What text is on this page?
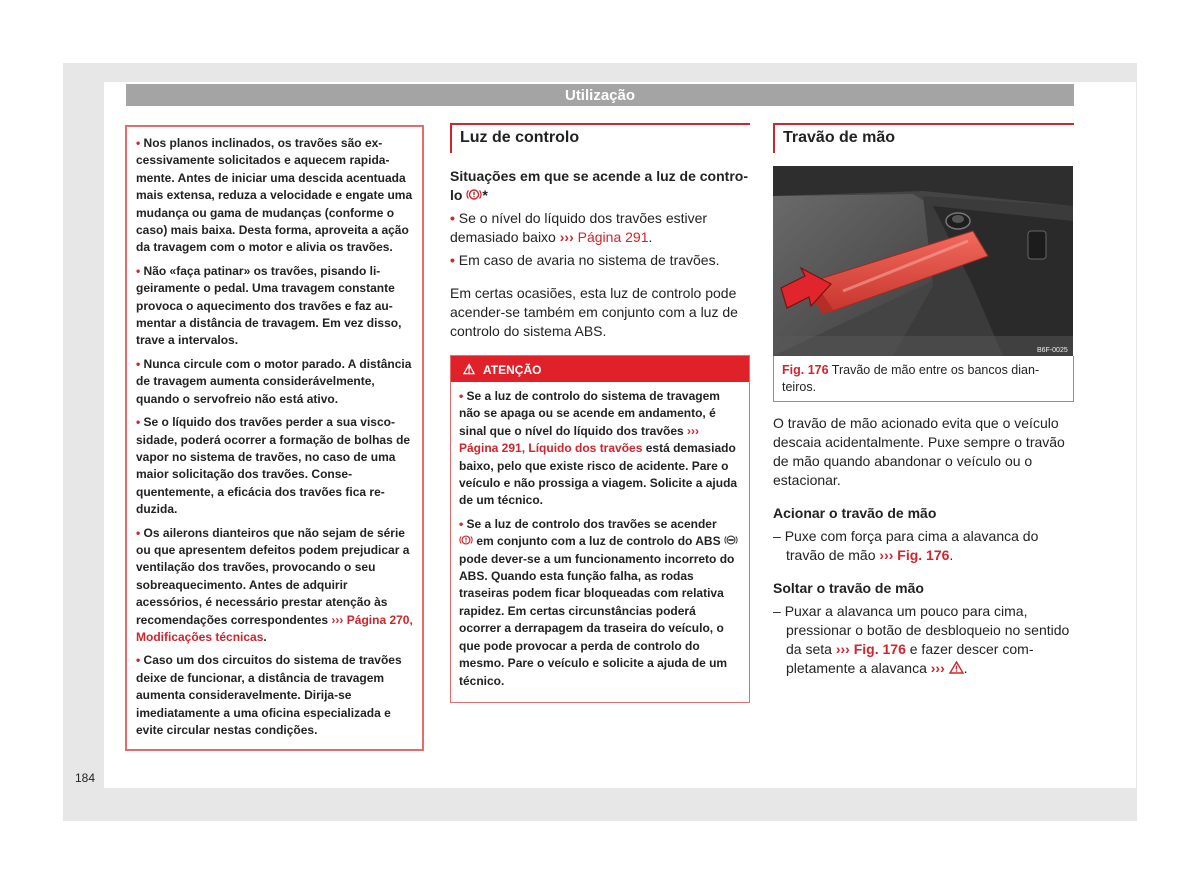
Utilização

• Nos planos inclinados, os travões são excessivamente solicitados e aquecem rapidamente. Antes de iniciar uma descida acentuada mais extensa, reduza a velocidade e engate uma mudança ou gama de mudanças (conforme o caso) mais baixa. Desta forma, aproveita a ação da travagem com o motor e alivia os travões.

• Não «faça patinar» os travões, pisando ligeiramente o pedal. Uma travagem constante provoca o aquecimento dos travões e faz aumentar a distância de travagem. Em vez disso, trave a intervalos.

• Nunca circule com o motor parado. A distância de travagem aumenta considerávelmente, quando o servofreio não está ativo.

• Se o líquido dos travões perder a sua viscosidade, poderá ocorrer a formação de bolhas de vapor no sistema de travões, no caso de uma maior solicitação dos travões. Consequentemente, a eficácia dos travões fica reduzida.

• Os ailerons dianteiros que não sejam de série ou que apresentem defeitos podem prejudicar a ventilação dos travões, provocando o seu sobreaquecimento. Antes de adquirir acessórios, é necessário prestar atenção às recomendações correspondentes ››› Página 270, Modificações técnicas.

• Caso um dos circuitos do sistema de travões deixe de funcionar, a distância de travagem aumenta consideravelmente. Dirija-se imediatamente a uma oficina especializada e evite circular nestas condições.

Luz de controlo

Situações em que se acende a luz de controlo *

• Se o nível do líquido dos travões estiver demasiado baixo ››› Página 291.

• Em caso de avaria no sistema de travões.

Em certas ocasiões, esta luz de controlo pode acender-se também em conjunto com a luz de controlo do sistema ABS.

⚠ ATENÇÃO

• Se a luz de controlo do sistema de travagem não se apaga ou se acende em andamento, é sinal que o nível do líquido dos travões ››› Página 291, Líquido dos travões está demasiado baixo, pelo que existe risco de acidente. Pare o veículo e não prossiga a viagem. Solicite a ajuda de um técnico.

• Se a luz de controlo dos travões se acender
em conjunto com a luz de controlo do ABS  pode dever-se a um funcionamento incorreto do ABS. Quando esta função falha, as rodas traseiras podem ficar bloqueadas com relativa rapidez. Em certas circunstâncias poderá ocorrer a derrapagem da traseira do veículo, o que pode provocar a perda de controlo do mesmo. Pare o veículo e solicite a ajuda de um técnico.

Travão de mão
B6F-0025
Fig. 176 Travão de mão entre os bancos dianteiros.

O travão de mão acionado evita que o veículo descaia acidentalmente. Puxe sempre o travão de mão quando abandonar o veículo ou o estacionar.

Acionar o travão de mão

– Puxe com força para cima a alavanca do travão de mão ››› Fig. 176.

Soltar o travão de mão

– Puxar a alavanca um pouco para cima, pressionar o botão de desbloqueio no sentido da seta ››› Fig. 176 e fazer descer completamente a alavanca ››› .

184
